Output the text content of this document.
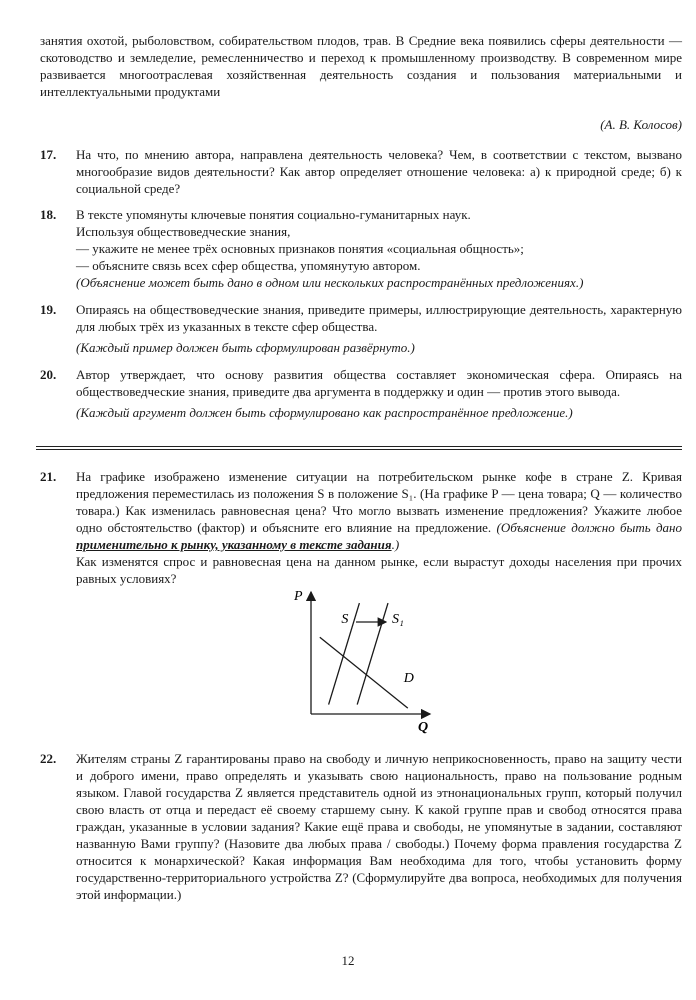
занятия охотой, рыболовством, собирательством плодов, трав. В Средние века появились сферы деятельности — скотоводство и земледелие, ремесленничество и переход к промышленному производству. В современном мире развивается многоотраслевая хозяйственная деятельность создания и пользования материальными и интеллектуальными продуктами

(А. В. Колосов)
17. На что, по мнению автора, направлена деятельность человека? Чем, в соответствии с текстом, вызвано многообразие видов деятельности? Как автор определяет отношение человека: а) к природной среде; б) к социальной среде?

18. В тексте упомянуты ключевые понятия социально-гуманитарных наук.

Используя обществоведческие знания,

— укажите не менее трёх основных признаков понятия «социальная общность»;

— объясните связь всех сфер общества, упомянутую автором.

(Объяснение может быть дано в одном или нескольких распространённых предложениях.)

19. Опираясь на обществоведческие знания, приведите примеры, иллюстрирующие деятельность, характерную для любых трёх из указанных в тексте сфер общества.

(Каждый пример должен быть сформулирован развёрнуто.)

20. Автор утверждает, что основу развития общества составляет экономическая сфера. Опираясь на обществоведческие знания, приведите два аргумента в поддержку и один — против этого вывода.

(Каждый аргумент должен быть сформулировано как распространённое предложение.)

21. На графике изображено изменение ситуации на потребительском рынке кофе в стране Z. Кривая предложения переместилась из положения S в положение S₁. (На графике P — цена товара; Q — количество товара.) Как изменилась равновесная цена? Что могло вызвать изменение предложения? Укажите любое одно обстоятельство (фактор) и объясните его влияние на предложение. (Объяснение должно быть дано применительно к рынку, указанному в тексте задания.)

Как изменятся спрос и равновесная цена на данном рынке, если вырастут доходы населения при прочих равных условиях?

P
Q
S	S₁
D
22. Жителям страны Z гарантированы право на свободу и личную неприкосновенность, право на защиту чести и доброго имени, право определять и указывать свою национальность, право на пользование родным языком. Главой государства Z является представитель одной из этнонациональных групп, который получил свою власть от отца и передаст её своему старшему сыну. К какой группе прав и свобод относятся права граждан, указанные в условии задания? Какие ещё права и свободы, не упомянутые в задании, составляют названную Вами группу? (Назовите два любых права / свободы.) Почему форма правления государства Z относится к монархической? Какая информация Вам необходима для того, чтобы установить форму государственно-территориального устройства Z? (Сформулируйте два вопроса, необходимых для получения этой информации.)

12
